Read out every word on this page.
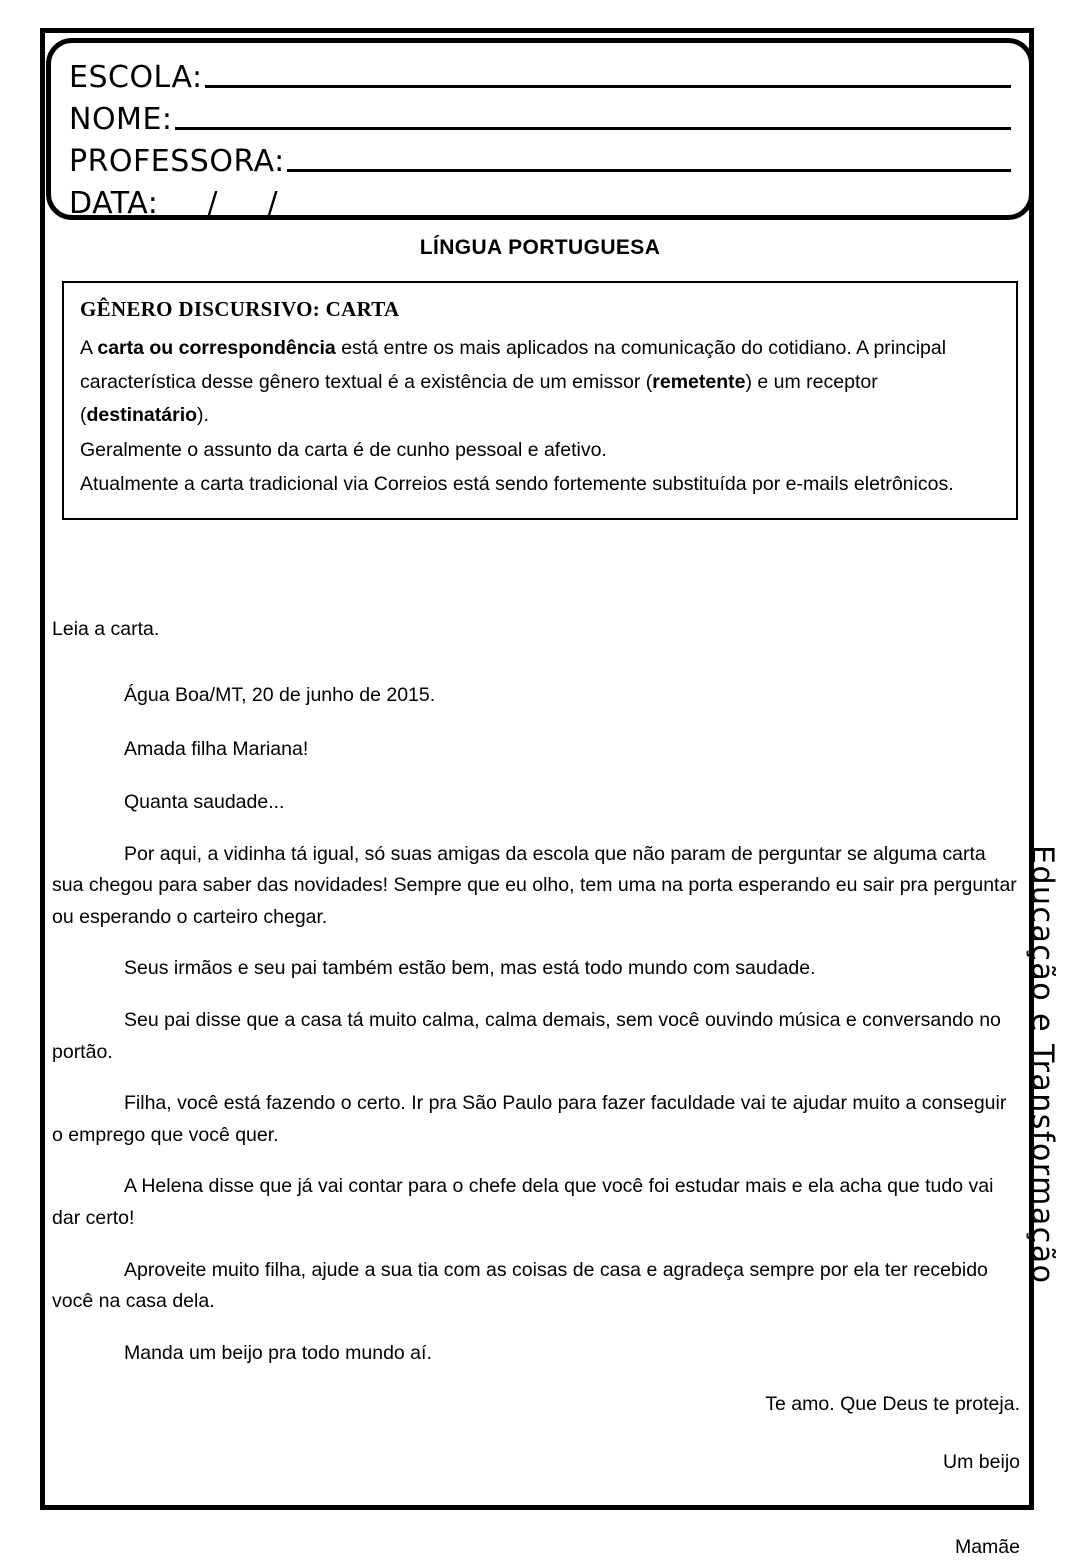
ESCOLA:
NOME:
PROFESSORA:
DATA: / /
LÍNGUA PORTUGUESA
GÊNERO DISCURSIVO: CARTA

A carta ou correspondência está entre os mais aplicados na comunicação do cotidiano. A principal característica desse gênero textual é a existência de um emissor (remetente) e um receptor (destinatário).

Geralmente o assunto da carta é de cunho pessoal e afetivo.

Atualmente a carta tradicional via Correios está sendo fortemente substituída por e-mails eletrônicos.

Leia a carta.

Água Boa/MT, 20 de junho de 2015.

Amada filha Mariana!

Quanta saudade...

Por aqui, a vidinha tá igual, só suas amigas da escola que não param de perguntar se alguma carta sua chegou para saber das novidades! Sempre que eu olho, tem uma na porta esperando eu sair pra perguntar ou esperando o carteiro chegar.

Seus irmãos e seu pai também estão bem, mas está todo mundo com saudade.

Seu pai disse que a casa tá muito calma, calma demais, sem você ouvindo música e conversando no portão.

Filha, você está fazendo o certo. Ir pra São Paulo para fazer faculdade vai te ajudar muito a conseguir o emprego que você quer.

A Helena disse que já vai contar para o chefe dela que você foi estudar mais e ela acha que tudo vai dar certo!

Aproveite muito filha, ajude a sua tia com as coisas de casa e agradeça sempre por ela ter recebido você na casa dela.

Manda um beijo pra todo mundo aí.

Te amo. Que Deus te proteja.

Um beijo

Mamãe

Educação e Transformação
